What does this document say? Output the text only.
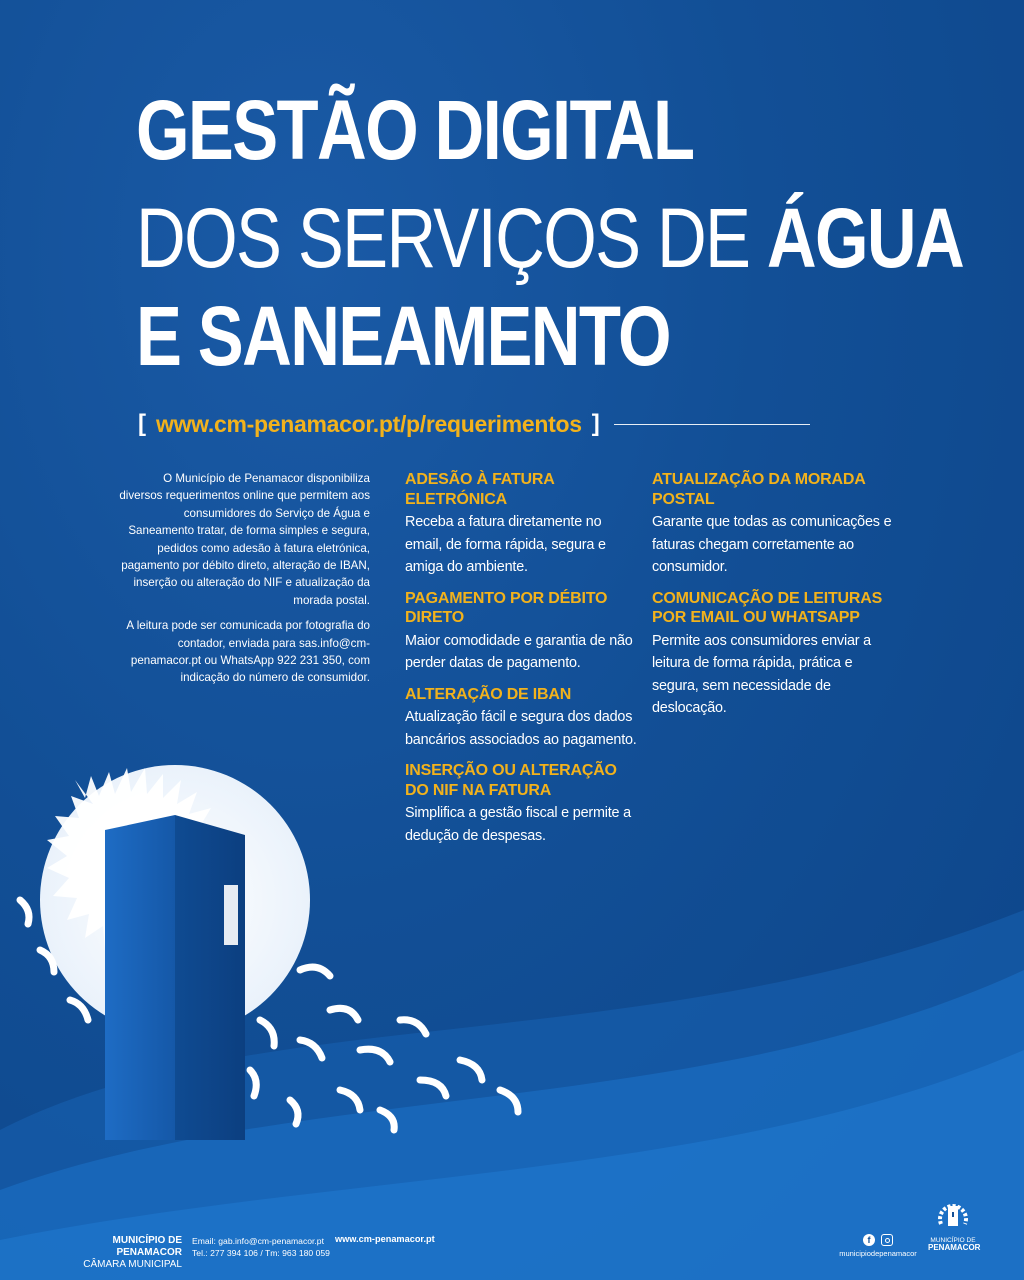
GESTÃO DIGITAL
DOS SERVIÇOS DE ÁGUA
E SANEAMENTO
[ www.cm-penamacor.pt/p/requerimentos ]

O Município de Penamacor disponibiliza diversos requerimentos online que permitem aos consumidores do Serviço de Água e Saneamento tratar, de forma simples e segura, pedidos como adesão à fatura eletrónica, pagamento por débito direto, alteração de IBAN, inserção ou alteração do NIF e atualização da morada postal.

A leitura pode ser comunicada por fotografia do contador, enviada para sas.info@cm-penamacor.pt ou WhatsApp 922 231 350, com indicação do número de consumidor.

ADESÃO À FATURA ELETRÓNICA

Receba a fatura diretamente no email, de forma rápida, segura e amiga do ambiente.

PAGAMENTO POR DÉBITO DIRETO

Maior comodidade e garantia de não perder datas de pagamento.

ALTERAÇÃO DE IBAN

Atualização fácil e segura dos dados bancários associados ao pagamento.

INSERÇÃO OU ALTERAÇÃO DO NIF NA FATURA

Simplifica a gestão fiscal e permite a dedução de despesas.

ATUALIZAÇÃO DA MORADA POSTAL

Garante que todas as comunicações e faturas chegam corretamente ao consumidor.

COMUNICAÇÃO DE LEITURAS POR EMAIL OU WHATSAPP

Permite aos consumidores enviar a leitura de forma rápida, prática e segura, sem necessidade de deslocação.

MUNICÍPIO DE PENAMACOR
CÂMARA MUNICIPAL
Email: gab.info@cm-penamacor.pt
Tel.: 277 394 106 / Tm: 963 180 059
www.cm-penamacor.pt	f
municipiodepenamacor
MUNICÍPIO DE
PENAMACOR
